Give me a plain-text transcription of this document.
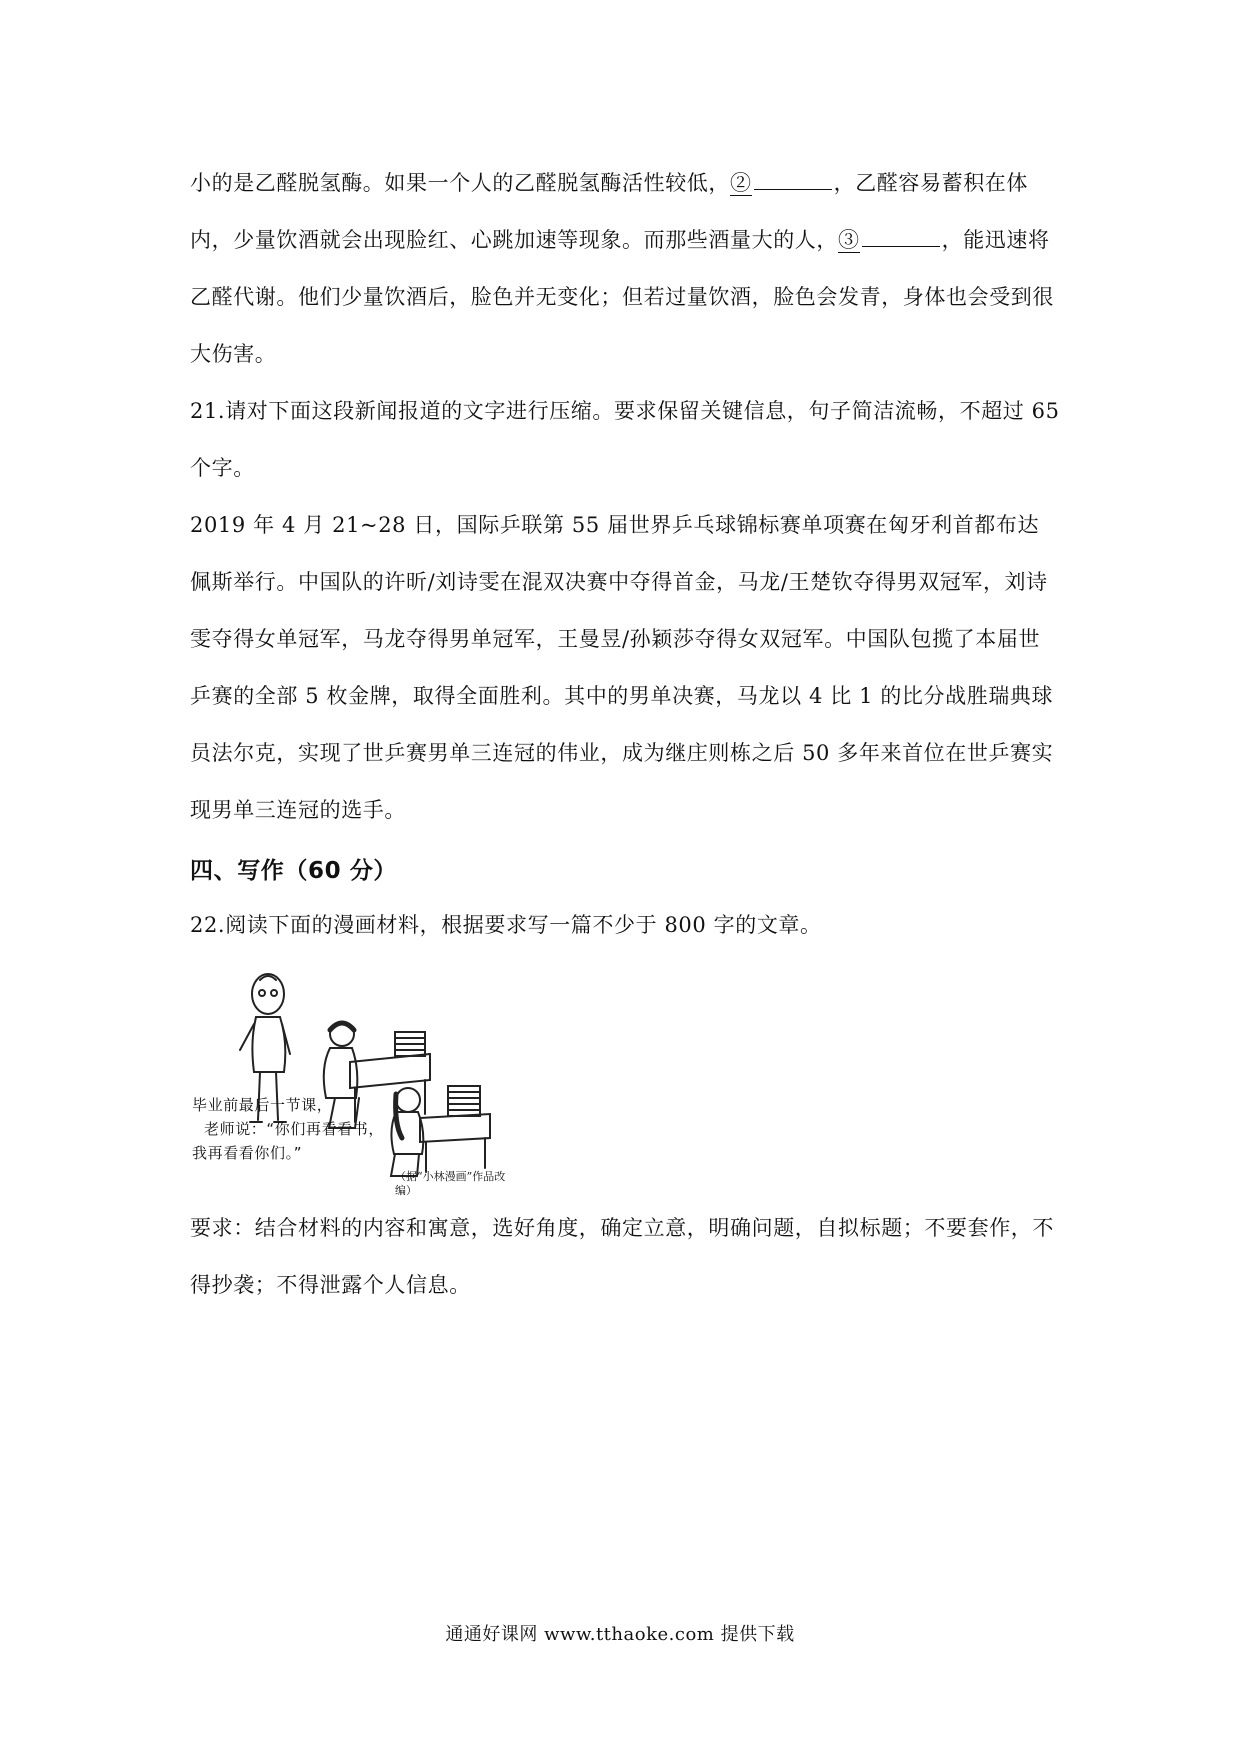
小的是乙醛脱氢酶。如果一个人的乙醛脱氢酶活性较低，②	，乙醛容易蓄积在体内，少量饮酒就会出现脸红、心跳加速等现象。而那些酒量大的人，③	，能迅速将乙醛代谢。他们少量饮酒后，脸色并无变化；但若过量饮酒，脸色会发青，身体也会受到很大伤害。

21.请对下面这段新闻报道的文字进行压缩。要求保留关键信息，句子简洁流畅，不超过 65 个字。

2019 年 4 月 21~28 日，国际乒联第 55 届世界乒乓球锦标赛单项赛在匈牙利首都布达佩斯举行。中国队的许昕/刘诗雯在混双决赛中夺得首金，马龙/王楚钦夺得男双冠军，刘诗雯夺得女单冠军，马龙夺得男单冠军，王曼昱/孙颖莎夺得女双冠军。中国队包揽了本届世乒赛的全部 5 枚金牌，取得全面胜利。其中的男单决赛，马龙以 4 比 1 的比分战胜瑞典球员法尔克，实现了世乒赛男单三连冠的伟业，成为继庄则栋之后 50 多年来首位在世乒赛实现男单三连冠的选手。

四、写作（60 分）

22.阅读下面的漫画材料，根据要求写一篇不少于 800 字的文章。

毕业前最后一节课，
老师说：“你们再看看书，
我再看看你们。”
（据“小林漫画”作品改编）

要求：结合材料的内容和寓意，选好角度，确定立意，明确问题，自拟标题；不要套作，不得抄袭；不得泄露个人信息。

通通好课网 www.tthaoke.com 提供下载
